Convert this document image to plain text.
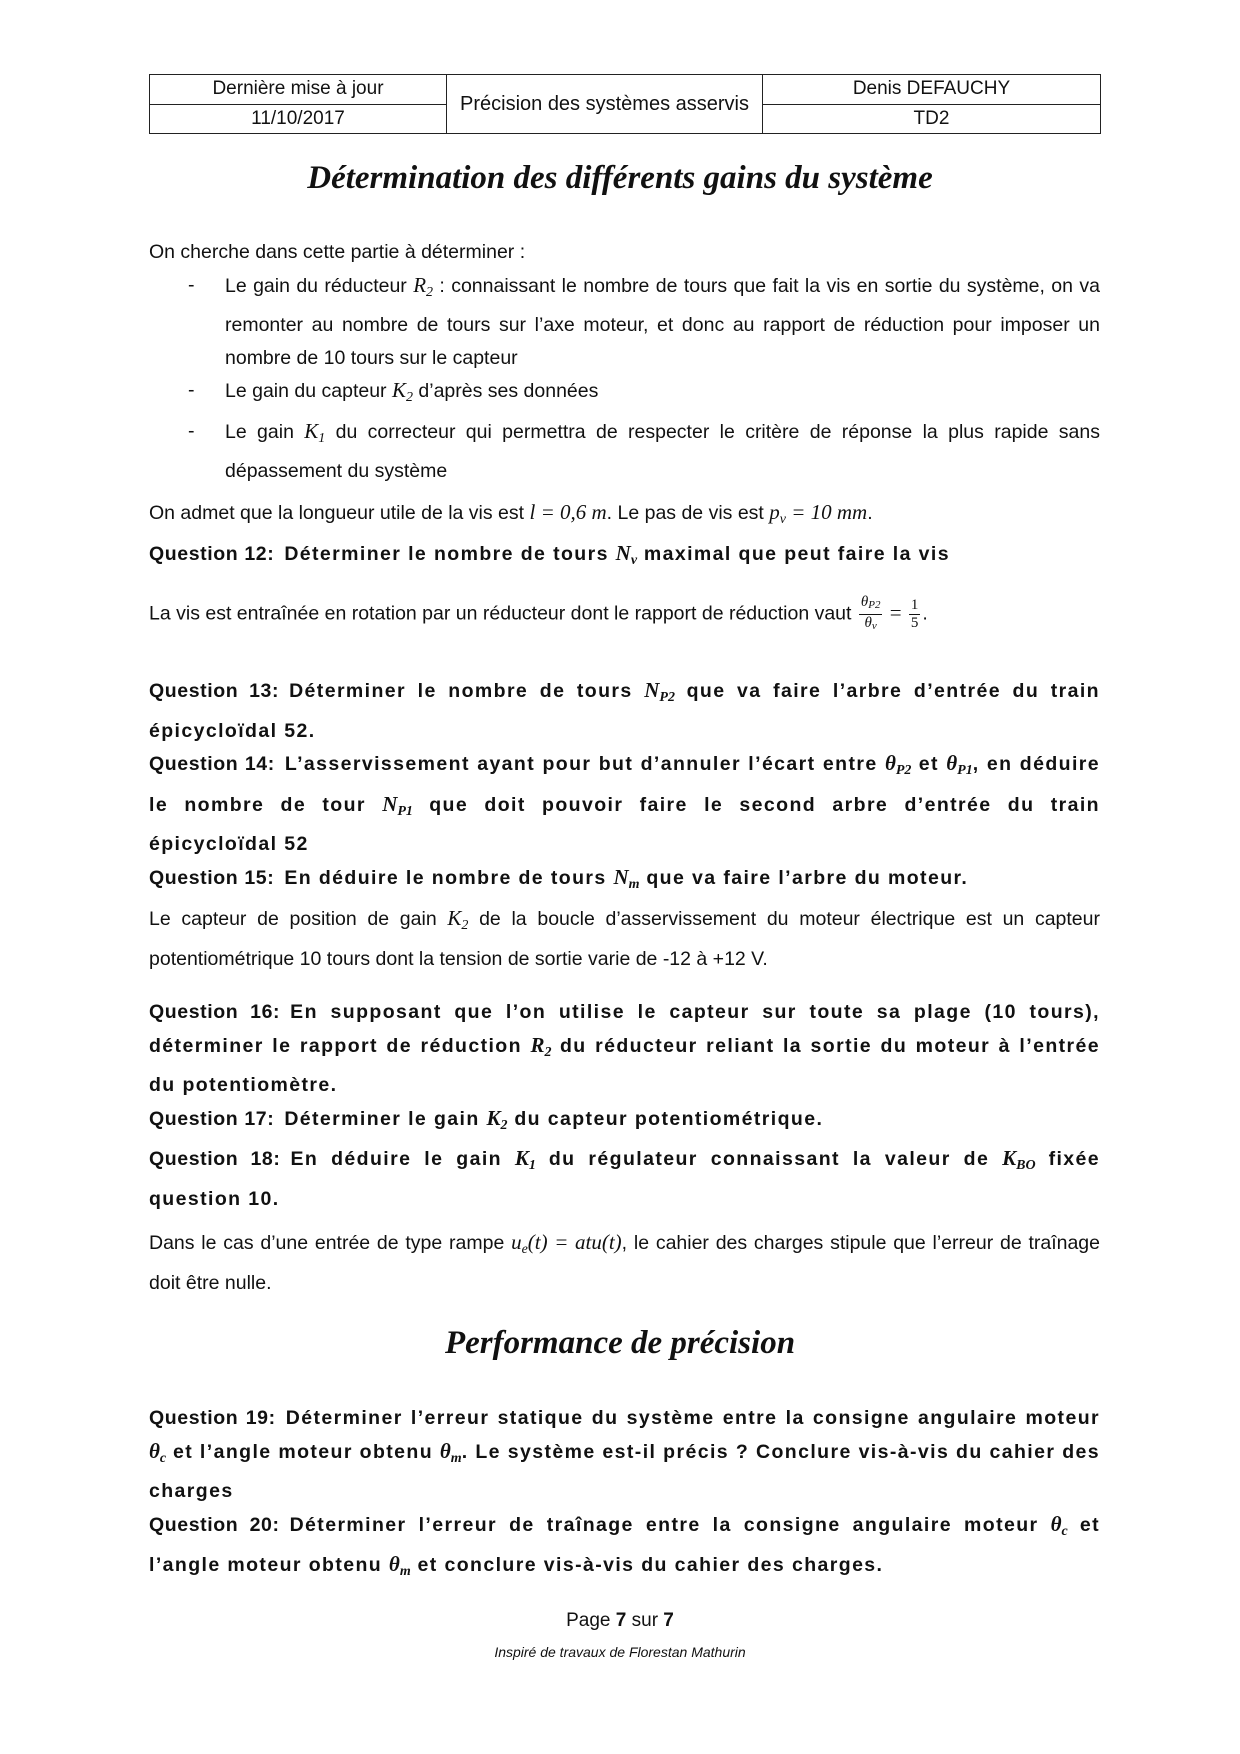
Dernière mise à jour	Précision des systèmes asservis	Denis DEFAUCHY
11/10/2017		TD2
Détermination des différents gains du système

On cherche dans cette partie à déterminer :

- Le gain du réducteur $R_2$ : connaissant le nombre de tours que fait la vis en sortie du système, on va remonter au nombre de tours sur l’axe moteur, et donc au rapport de réduction pour imposer un nombre de 10 tours sur le capteur
- Le gain du capteur $K_2$ d’après ses données
- Le gain $K_1$ du correcteur qui permettra de respecter le critère de réponse la plus rapide sans dépassement du système

On admet que la longueur utile de la vis est l = 0,6 m. Le pas de vis est $p_v = 10$ mm.

Question 12: Déterminer le nombre de tours $N_v$ maximal que peut faire la vis

La vis est entraînée en rotation par un réducteur dont le rapport de réduction vaut $\frac{\theta_{P2}}{\theta_v} = \frac{1}{5}$ .

Question 13: Déterminer le nombre de tours $N_{P2}$ que va faire l’arbre d’entrée du train épicycloïdal 52.

Question 14: L’asservissement ayant pour but d’annuler l’écart entre $\theta_{P2}$ et $\theta_{P1}$, en déduire le nombre de tour $N_{P1}$ que doit pouvoir faire le second arbre d’entrée du train épicycloïdal 52

Question 15: En déduire le nombre de tours $N_m$ que va faire l’arbre du moteur.

Le capteur de position de gain $K_2$ de la boucle d’asservissement du moteur électrique est un capteur potentiométrique 10 tours dont la tension de sortie varie de -12 à +12 V.

Question 16: En supposant que l’on utilise le capteur sur toute sa plage (10 tours), déterminer le rapport de réduction $R_2$ du réducteur reliant la sortie du moteur à l’entrée du potentiomètre.

Question 17: Déterminer le gain $K_2$ du capteur potentiométrique.

Question 18: En déduire le gain $K_1$ du régulateur connaissant la valeur de $K_{BO}$ fixée question 10.

Dans le cas d’une entrée de type rampe $u_e(t) = atu(t)$, le cahier des charges stipule que l’erreur de traînage doit être nulle.

Performance de précision

Question 19: Déterminer l’erreur statique du système entre la consigne angulaire moteur $\theta_c$ et l’angle moteur obtenu $\theta_m$. Le système est-il précis ? Conclure vis-à-vis du cahier des charges

Question 20: Déterminer l’erreur de traînage entre la consigne angulaire moteur $\theta_c$ et l’angle moteur obtenu $\theta_m$ et conclure vis-à-vis du cahier des charges.

Page 7 sur 7
Inspiré de travaux de Florestan Mathurin
